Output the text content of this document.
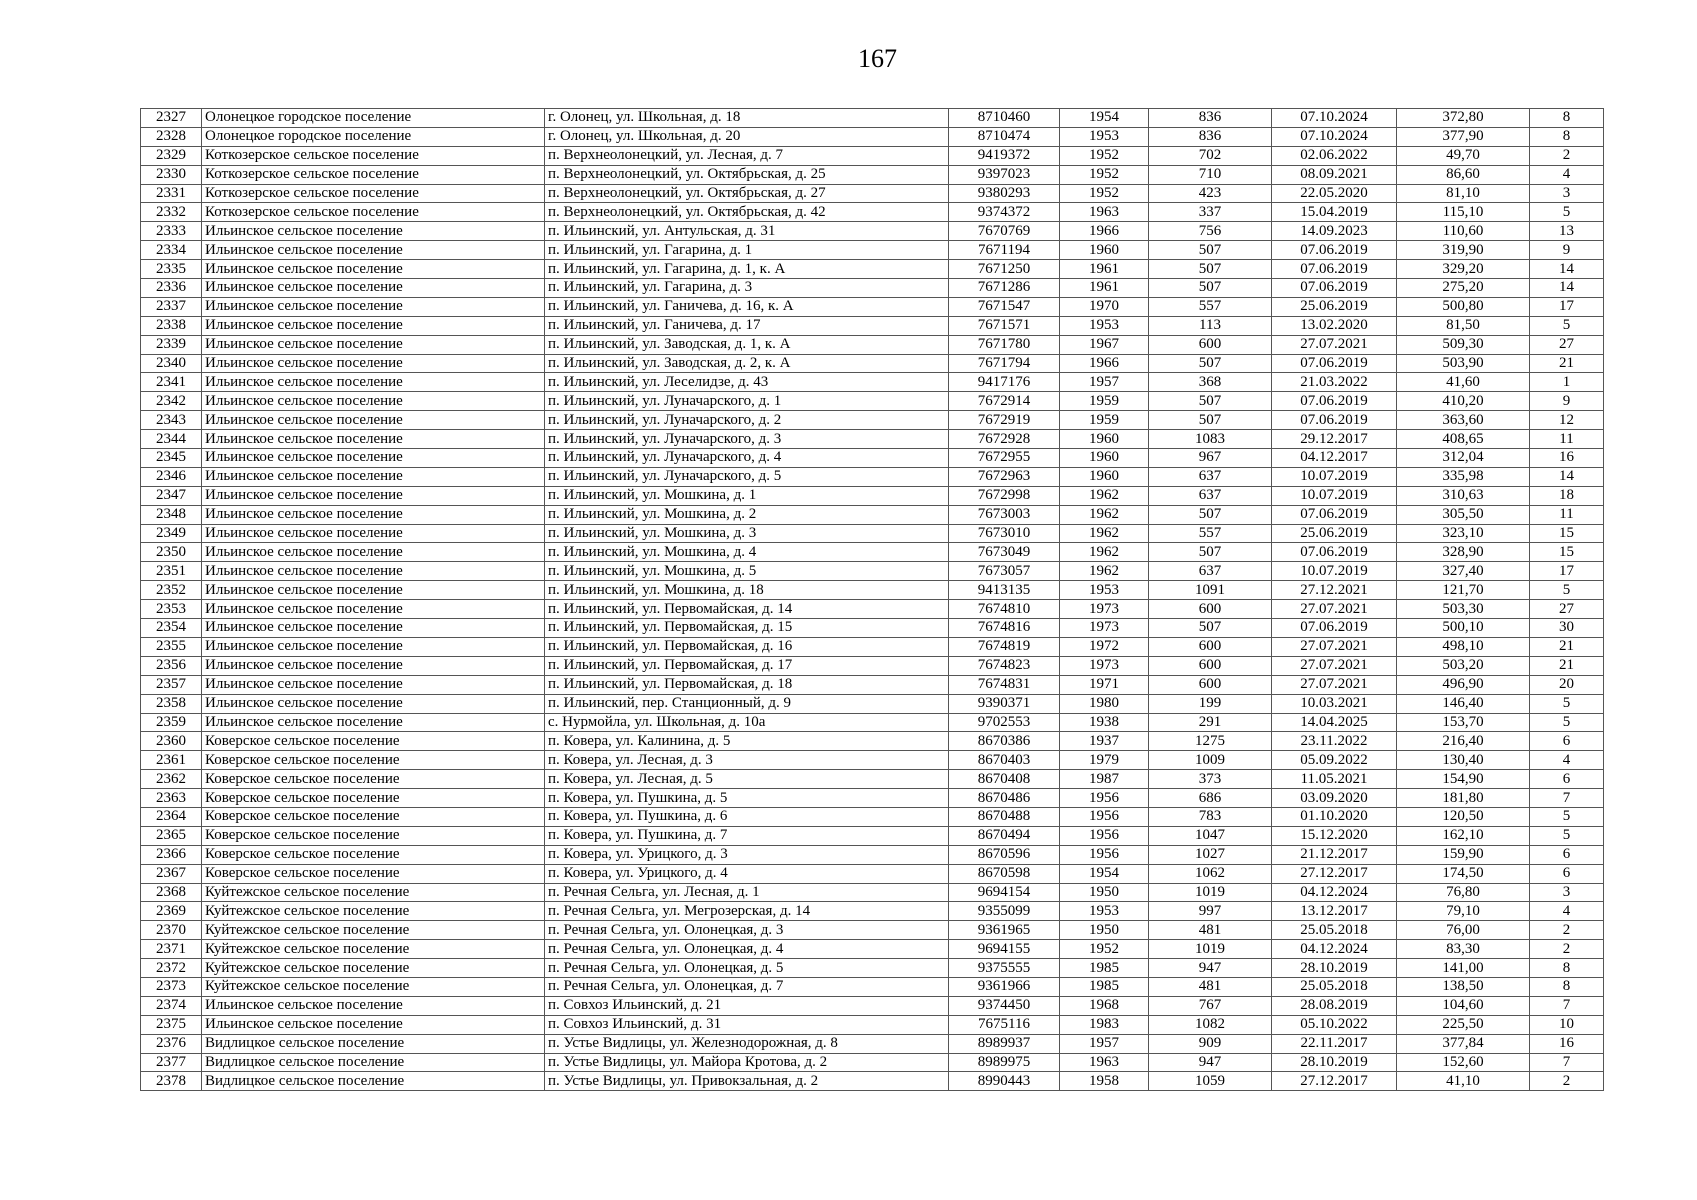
167
2327	Олонецкое городское поселение	г. Олонец, ул. Школьная, д. 18	8710460	1954	836	07.10.2024	372,80	8
2328	Олонецкое городское поселение	г. Олонец, ул. Школьная, д. 20	8710474	1953	836	07.10.2024	377,90	8
2329	Коткозерское сельское поселение	п. Верхнеолонецкий, ул. Лесная, д. 7	9419372	1952	702	02.06.2022	49,70	2
2330	Коткозерское сельское поселение	п. Верхнеолонецкий, ул. Октябрьская, д. 25	9397023	1952	710	08.09.2021	86,60	4
2331	Коткозерское сельское поселение	п. Верхнеолонецкий, ул. Октябрьская, д. 27	9380293	1952	423	22.05.2020	81,10	3
2332	Коткозерское сельское поселение	п. Верхнеолонецкий, ул. Октябрьская, д. 42	9374372	1963	337	15.04.2019	115,10	5
2333	Ильинское сельское поселение	п. Ильинский, ул. Антульская, д. 31	7670769	1966	756	14.09.2023	110,60	13
2334	Ильинское сельское поселение	п. Ильинский, ул. Гагарина, д. 1	7671194	1960	507	07.06.2019	319,90	9
2335	Ильинское сельское поселение	п. Ильинский, ул. Гагарина, д. 1, к. А	7671250	1961	507	07.06.2019	329,20	14
2336	Ильинское сельское поселение	п. Ильинский, ул. Гагарина, д. 3	7671286	1961	507	07.06.2019	275,20	14
2337	Ильинское сельское поселение	п. Ильинский, ул. Ганичева, д. 16, к. А	7671547	1970	557	25.06.2019	500,80	17
2338	Ильинское сельское поселение	п. Ильинский, ул. Ганичева, д. 17	7671571	1953	113	13.02.2020	81,50	5
2339	Ильинское сельское поселение	п. Ильинский, ул. Заводская, д. 1, к. А	7671780	1967	600	27.07.2021	509,30	27
2340	Ильинское сельское поселение	п. Ильинский, ул. Заводская, д. 2, к. А	7671794	1966	507	07.06.2019	503,90	21
2341	Ильинское сельское поселение	п. Ильинский, ул. Леселидзе, д. 43	9417176	1957	368	21.03.2022	41,60	1
2342	Ильинское сельское поселение	п. Ильинский, ул. Луначарского, д. 1	7672914	1959	507	07.06.2019	410,20	9
2343	Ильинское сельское поселение	п. Ильинский, ул. Луначарского, д. 2	7672919	1959	507	07.06.2019	363,60	12
2344	Ильинское сельское поселение	п. Ильинский, ул. Луначарского, д. 3	7672928	1960	1083	29.12.2017	408,65	11
2345	Ильинское сельское поселение	п. Ильинский, ул. Луначарского, д. 4	7672955	1960	967	04.12.2017	312,04	16
2346	Ильинское сельское поселение	п. Ильинский, ул. Луначарского, д. 5	7672963	1960	637	10.07.2019	335,98	14
2347	Ильинское сельское поселение	п. Ильинский, ул. Мошкина, д. 1	7672998	1962	637	10.07.2019	310,63	18
2348	Ильинское сельское поселение	п. Ильинский, ул. Мошкина, д. 2	7673003	1962	507	07.06.2019	305,50	11
2349	Ильинское сельское поселение	п. Ильинский, ул. Мошкина, д. 3	7673010	1962	557	25.06.2019	323,10	15
2350	Ильинское сельское поселение	п. Ильинский, ул. Мошкина, д. 4	7673049	1962	507	07.06.2019	328,90	15
2351	Ильинское сельское поселение	п. Ильинский, ул. Мошкина, д. 5	7673057	1962	637	10.07.2019	327,40	17
2352	Ильинское сельское поселение	п. Ильинский, ул. Мошкина, д. 18	9413135	1953	1091	27.12.2021	121,70	5
2353	Ильинское сельское поселение	п. Ильинский, ул. Первомайская, д. 14	7674810	1973	600	27.07.2021	503,30	27
2354	Ильинское сельское поселение	п. Ильинский, ул. Первомайская, д. 15	7674816	1973	507	07.06.2019	500,10	30
2355	Ильинское сельское поселение	п. Ильинский, ул. Первомайская, д. 16	7674819	1972	600	27.07.2021	498,10	21
2356	Ильинское сельское поселение	п. Ильинский, ул. Первомайская, д. 17	7674823	1973	600	27.07.2021	503,20	21
2357	Ильинское сельское поселение	п. Ильинский, ул. Первомайская, д. 18	7674831	1971	600	27.07.2021	496,90	20
2358	Ильинское сельское поселение	п. Ильинский, пер. Станционный, д. 9	9390371	1980	199	10.03.2021	146,40	5
2359	Ильинское сельское поселение	с. Нурмойла, ул. Школьная, д. 10а	9702553	1938	291	14.04.2025	153,70	5
2360	Коверское сельское поселение	п. Ковера, ул. Калинина, д. 5	8670386	1937	1275	23.11.2022	216,40	6
2361	Коверское сельское поселение	п. Ковера, ул. Лесная, д. 3	8670403	1979	1009	05.09.2022	130,40	4
2362	Коверское сельское поселение	п. Ковера, ул. Лесная, д. 5	8670408	1987	373	11.05.2021	154,90	6
2363	Коверское сельское поселение	п. Ковера, ул. Пушкина, д. 5	8670486	1956	686	03.09.2020	181,80	7
2364	Коверское сельское поселение	п. Ковера, ул. Пушкина, д. 6	8670488	1956	783	01.10.2020	120,50	5
2365	Коверское сельское поселение	п. Ковера, ул. Пушкина, д. 7	8670494	1956	1047	15.12.2020	162,10	5
2366	Коверское сельское поселение	п. Ковера, ул. Урицкого, д. 3	8670596	1956	1027	21.12.2017	159,90	6
2367	Коверское сельское поселение	п. Ковера, ул. Урицкого, д. 4	8670598	1954	1062	27.12.2017	174,50	6
2368	Куйтежское сельское поселение	п. Речная Сельга, ул. Лесная, д. 1	9694154	1950	1019	04.12.2024	76,80	3
2369	Куйтежское сельское поселение	п. Речная Сельга, ул. Мегрозерская, д. 14	9355099	1953	997	13.12.2017	79,10	4
2370	Куйтежское сельское поселение	п. Речная Сельга, ул. Олонецкая, д. 3	9361965	1950	481	25.05.2018	76,00	2
2371	Куйтежское сельское поселение	п. Речная Сельга, ул. Олонецкая, д. 4	9694155	1952	1019	04.12.2024	83,30	2
2372	Куйтежское сельское поселение	п. Речная Сельга, ул. Олонецкая, д. 5	9375555	1985	947	28.10.2019	141,00	8
2373	Куйтежское сельское поселение	п. Речная Сельга, ул. Олонецкая, д. 7	9361966	1985	481	25.05.2018	138,50	8
2374	Ильинское сельское поселение	п. Совхоз Ильинский, д. 21	9374450	1968	767	28.08.2019	104,60	7
2375	Ильинское сельское поселение	п. Совхоз Ильинский, д. 31	7675116	1983	1082	05.10.2022	225,50	10
2376	Видлицкое сельское поселение	п. Устье Видлицы, ул. Железнодорожная, д. 8	8989937	1957	909	22.11.2017	377,84	16
2377	Видлицкое сельское поселение	п. Устье Видлицы, ул. Майора Кротова, д. 2	8989975	1963	947	28.10.2019	152,60	7
2378	Видлицкое сельское поселение	п. Устье Видлицы, ул. Привокзальная, д. 2	8990443	1958	1059	27.12.2017	41,10	2
